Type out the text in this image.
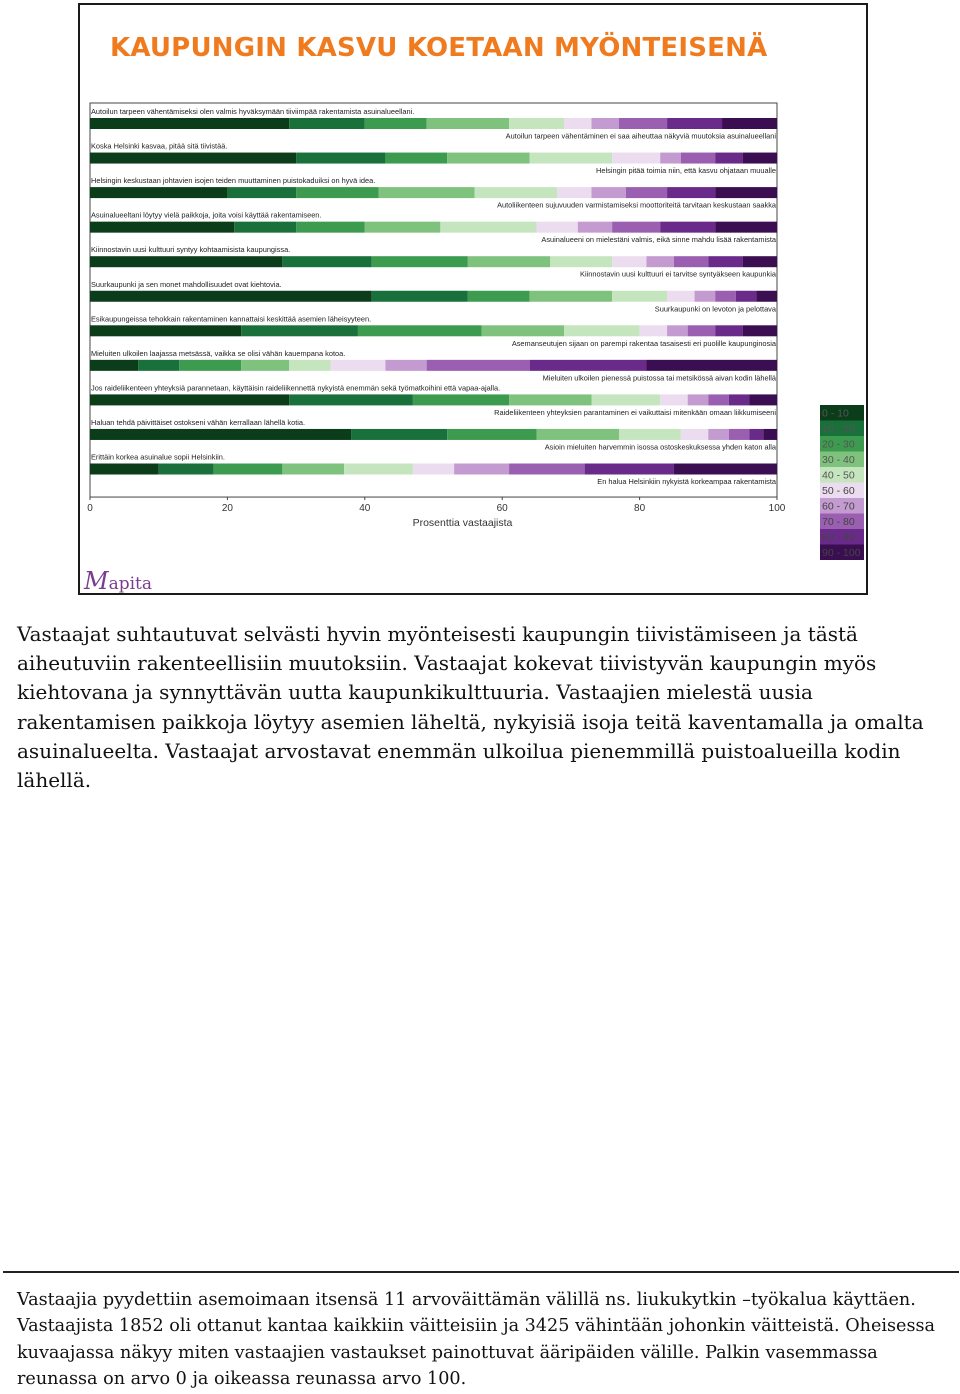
KAUPUNGIN KASVU KOETAAN MYÖNTEISENÄ
Autoilun tarpeen vähentämiseksi olen valmis hyväksymään tiiviimpää rakentamista asuinalueellani.
Autoilun tarpeen vähentäminen ei saa aiheuttaa näkyviä muutoksia asuinalueellani
Koska Helsinki kasvaa, pitää sitä tiivistää.
Helsingin pitää toimia niin, että kasvu ohjataan muualle
Helsingin keskustaan johtavien isojen teiden muuttaminen puistokaduiksi on hyvä idea.
Autoliikenteen sujuvuuden varmistamiseksi moottoriteitä tarvitaan keskustaan saakka
Asuinalueeltani löytyy vielä paikkoja, joita voisi käyttää rakentamiseen.
Asuinalueeni on mielestäni valmis, eikä sinne mahdu lisää rakentamista
Kiinnostavin uusi kulttuuri syntyy kohtaamisista kaupungissa.
Kiinnostavin uusi kulttuuri ei tarvitse syntyäkseen kaupunkia
Suurkaupunki ja sen monet mahdollisuudet ovat kiehtovia.
Suurkaupunki on levoton ja pelottava
Esikaupungeissa tehokkain rakentaminen kannattaisi keskittää asemien läheisyyteen.
Asemanseutujen sijaan on parempi rakentaa tasaisesti eri puolille kaupunginosia
Mieluiten ulkoilen laajassa metsässä, vaikka se olisi vähän kauempana kotoa.
Mieluiten ulkoilen pienessä puistossa tai metsikössä aivan kodin lähellä
Jos raideliikenteen yhteyksiä parannetaan, käyttäisin raideliikennettä nykyistä enemmän sekä työmatkoihini että vapaa-ajalla.
Raideliikenteen yhteyksien parantaminen ei vaikuttaisi mitenkään omaan liikkumiseeni
Haluan tehdä päivittäiset ostokseni vähän kerrallaan lähellä kotia.
Asioin mieluiten harvemmin isossa ostoskeskuksessa yhden katon alla
Erittäin korkea asuinalue sopii Helsinkiin.
En halua Helsinkiin nykyistä korkeampaa rakentamista
0	20	40	60	80	100
Prosenttia vastaajista
0 - 10
10 - 20
20 - 30
30 - 40
40 - 50
50 - 60
60 - 70
70 - 80
80 - 90
90 - 100
Mapita

Vastaajat suhtautuvat selvästi hyvin myönteisesti kaupungin tiivistämiseen ja tästä aiheutuviin rakenteellisiin muutoksiin. Vastaajat kokevat tiivistyvän kaupungin myös kiehtovana ja synnyttävän uutta kaupunkikulttuuria. Vastaajien mielestä uusia rakentamisen paikkoja löytyy asemien läheltä, nykyisiä isoja teitä kaventamalla ja omalta asuinalueelta. Vastaajat arvostavat enemmän ulkoilua pienemmillä puistoalueilla kodin lähellä.

Vastaajia pyydettiin asemoimaan itsensä 11 arvoväittämän välillä ns. liukukytkin –työkalua käyttäen. Vastaajista 1852 oli ottanut kantaa kaikkiin väitteisiin ja 3425 vähintään johonkin väitteistä. Oheisessa kuvaajassa näkyy miten vastaajien vastaukset painottuvat ääripäiden välille. Palkin vasemmassa reunassa on arvo 0 ja oikeassa reunassa arvo 100.
